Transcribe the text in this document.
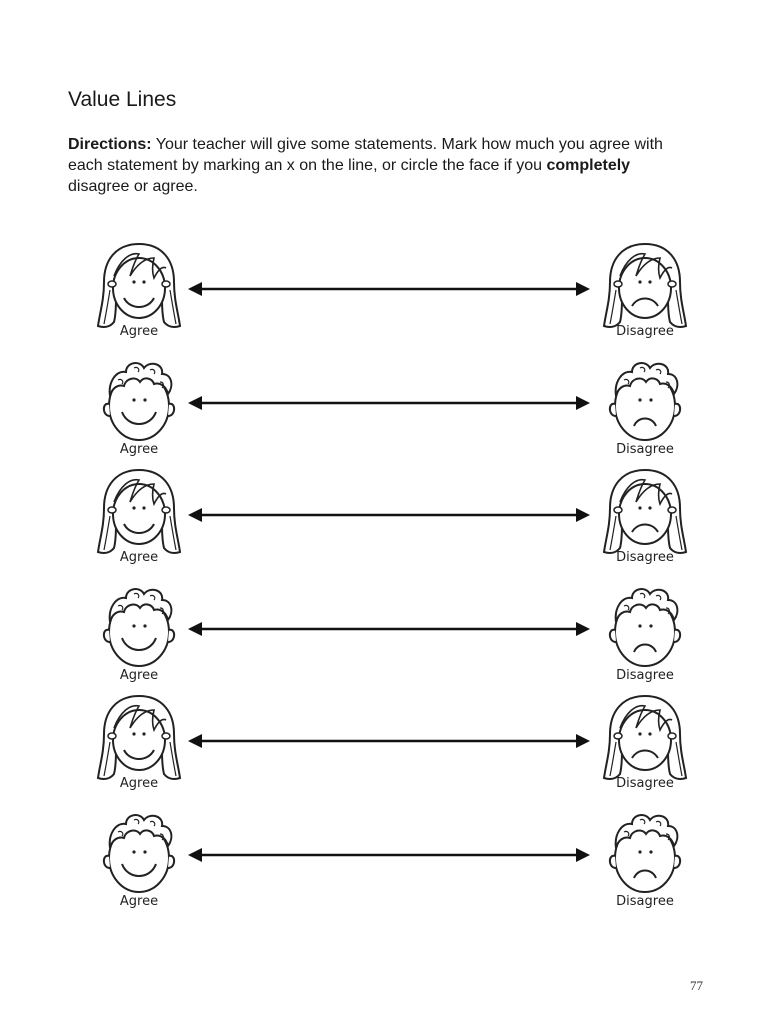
Value Lines

Directions: Your teacher will give some statements. Mark how much you agree with each statement by marking an x on the line, or circle the face if you completely disagree or agree.

Agree	Disagree
Agree	Disagree
Agree	Disagree
Agree	Disagree
Agree	Disagree
Agree	Disagree
77
